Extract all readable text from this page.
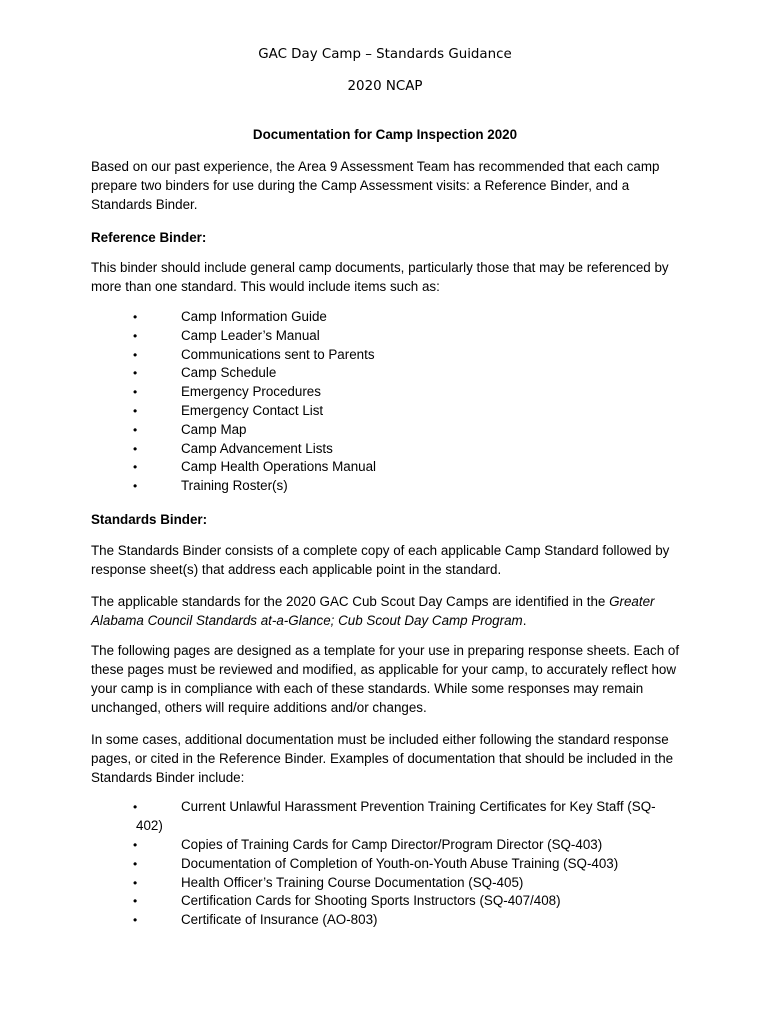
GAC Day Camp – Standards Guidance
2020 NCAP
Documentation for Camp Inspection 2020

Based on our past experience, the Area 9 Assessment Team has recommended that each camp prepare two binders for use during the Camp Assessment visits: a Reference Binder, and a Standards Binder.

Reference Binder:

This binder should include general camp documents, particularly those that may be referenced by more than one standard. This would include items such as:

•	Camp Information Guide
•	Camp Leader’s Manual
•	Communications sent to Parents
•	Camp Schedule
•	Emergency Procedures
•	Emergency Contact List
•	Camp Map
•	Camp Advancement Lists
•	Camp Health Operations Manual
•	Training Roster(s)

Standards Binder:

The Standards Binder consists of a complete copy of each applicable Camp Standard followed by response sheet(s) that address each applicable point in the standard.

The applicable standards for the 2020 GAC Cub Scout Day Camps are identified in the Greater Alabama Council Standards at-a-Glance; Cub Scout Day Camp Program.

The following pages are designed as a template for your use in preparing response sheets. Each of these pages must be reviewed and modified, as applicable for your camp, to accurately reflect how your camp is in compliance with each of these standards. While some responses may remain unchanged, others will require additions and/or changes.

In some cases, additional documentation must be included either following the standard response pages, or cited in the Reference Binder. Examples of documentation that should be included in the Standards Binder include:

•	Current Unlawful Harassment Prevention Training Certificates for Key Staff (SQ-
402)
•	Copies of Training Cards for Camp Director/Program Director (SQ-403)
•	Documentation of Completion of Youth-on-Youth Abuse Training (SQ-403)
•	Health Officer’s Training Course Documentation (SQ-405)
•	Certification Cards for Shooting Sports Instructors (SQ-407/408)
•	Certificate of Insurance (AO-803)
